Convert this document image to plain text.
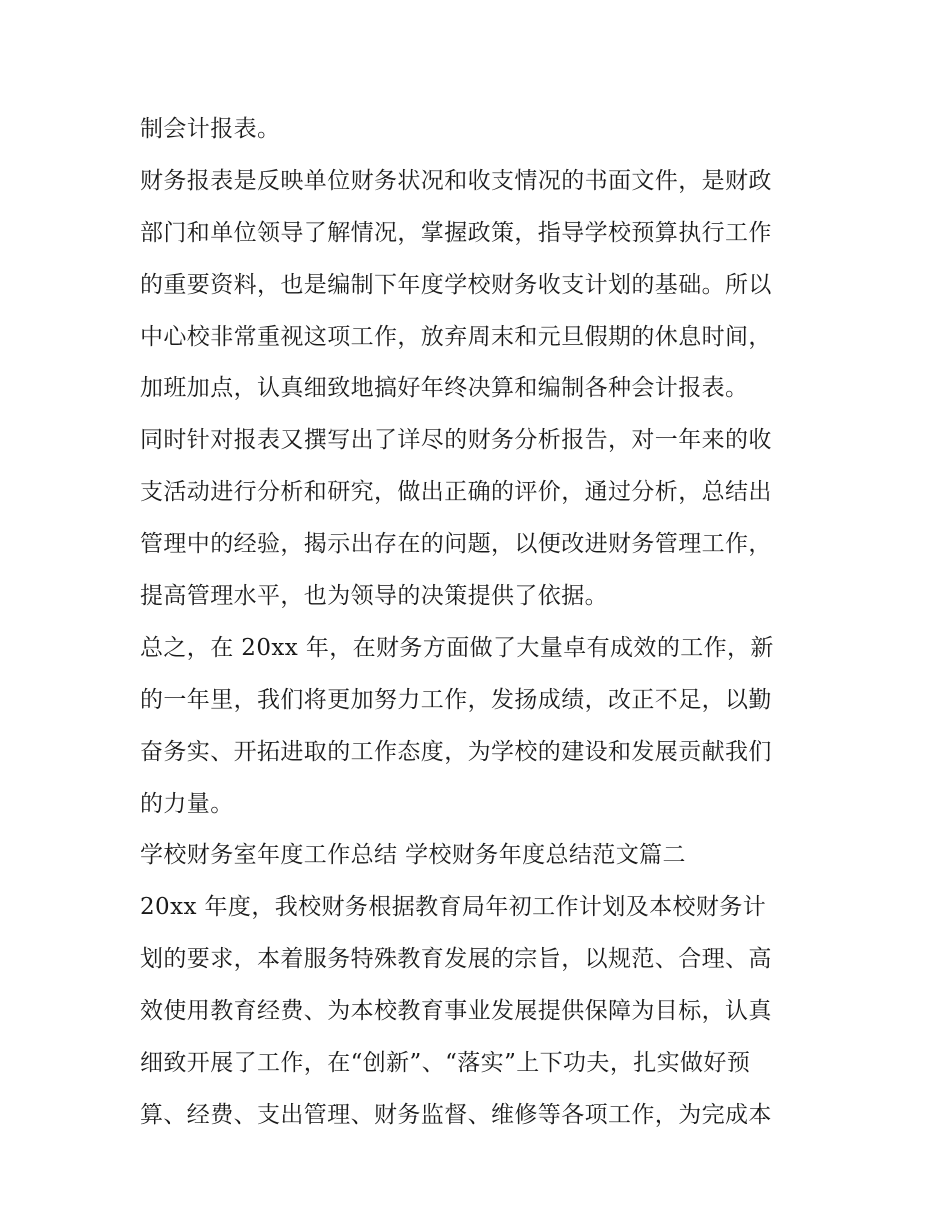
制会计报表。
财务报表是反映单位财务状况和收支情况的书面文件，是财政
部门和单位领导了解情况，掌握政策，指导学校预算执行工作
的重要资料，也是编制下年度学校财务收支计划的基础。所以
中心校非常重视这项工作，放弃周末和元旦假期的休息时间，
加班加点，认真细致地搞好年终决算和编制各种会计报表。
同时针对报表又撰写出了详尽的财务分析报告，对一年来的收
支活动进行分析和研究，做出正确的评价，通过分析，总结出
管理中的经验，揭示出存在的问题，以便改进财务管理工作，
提高管理水平，也为领导的决策提供了依据。
总之，在 20xx 年，在财务方面做了大量卓有成效的工作，新
的一年里，我们将更加努力工作，发扬成绩，改正不足，以勤
奋务实、开拓进取的工作态度，为学校的建设和发展贡献我们
的力量。
学校财务室年度工作总结 学校财务年度总结范文篇二
20xx 年度，我校财务根据教育局年初工作计划及本校财务计
划的要求，本着服务特殊教育发展的宗旨，以规范、合理、高
效使用教育经费、为本校教育事业发展提供保障为目标，认真
细致开展了工作，在“创新”、“落实”上下功夫，扎实做好预
算、经费、支出管理、财务监督、维修等各项工作，为完成本
